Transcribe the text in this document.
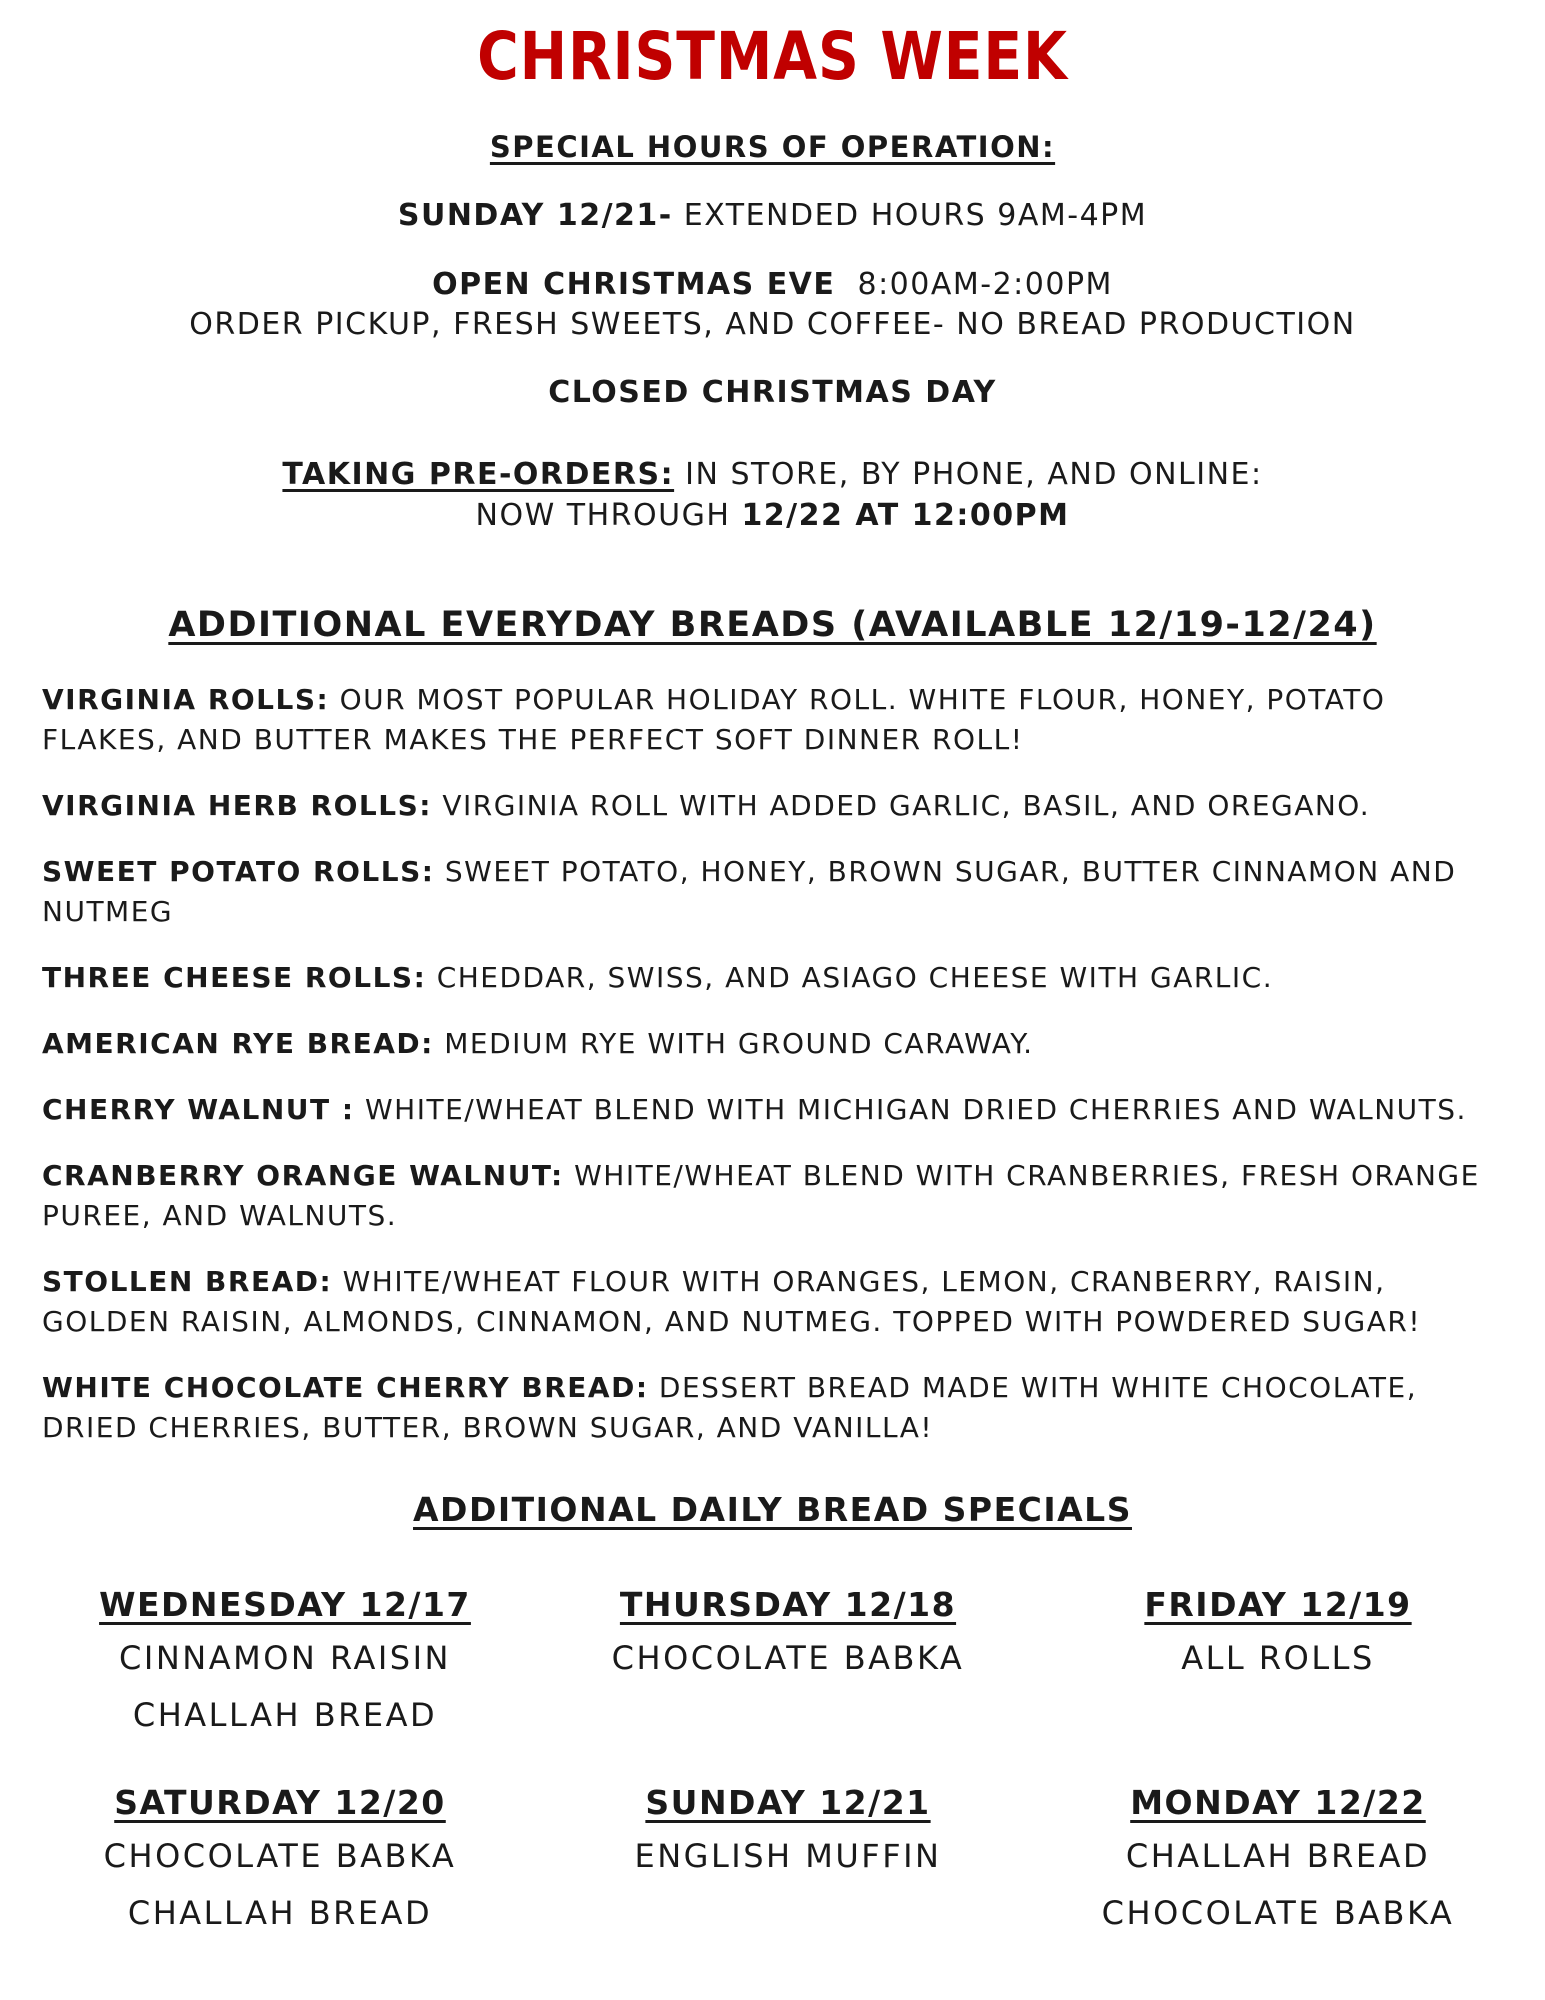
CHRISTMAS WEEK
SPECIAL HOURS OF OPERATION:
SUNDAY 12/21- EXTENDED HOURS 9AM-4PM
OPEN CHRISTMAS EVE  8:00AM-2:00PM
ORDER PICKUP, FRESH SWEETS, AND COFFEE- NO BREAD PRODUCTION
CLOSED CHRISTMAS DAY
TAKING PRE-ORDERS: IN STORE, BY PHONE, AND ONLINE:
NOW THROUGH 12/22 AT 12:00PM
ADDITIONAL EVERYDAY BREADS (AVAILABLE 12/19-12/24)
VIRGINIA ROLLS: OUR MOST POPULAR HOLIDAY ROLL. WHITE FLOUR, HONEY, POTATO FLAKES, AND BUTTER MAKES THE PERFECT SOFT DINNER ROLL!
VIRGINIA HERB ROLLS: VIRGINIA ROLL WITH ADDED GARLIC, BASIL, AND OREGANO.
SWEET POTATO ROLLS: SWEET POTATO, HONEY, BROWN SUGAR, BUTTER CINNAMON AND NUTMEG
THREE CHEESE ROLLS: CHEDDAR, SWISS, AND ASIAGO CHEESE WITH GARLIC.
AMERICAN RYE BREAD: MEDIUM RYE WITH GROUND CARAWAY.
CHERRY WALNUT : WHITE/WHEAT BLEND WITH MICHIGAN DRIED CHERRIES AND WALNUTS.
CRANBERRY ORANGE WALNUT: WHITE/WHEAT BLEND WITH CRANBERRIES, FRESH ORANGE PUREE, AND WALNUTS.
STOLLEN BREAD: WHITE/WHEAT FLOUR WITH ORANGES, LEMON, CRANBERRY, RAISIN, GOLDEN RAISIN, ALMONDS, CINNAMON, AND NUTMEG. TOPPED WITH POWDERED SUGAR!
WHITE CHOCOLATE CHERRY BREAD: DESSERT BREAD MADE WITH WHITE CHOCOLATE, DRIED CHERRIES, BUTTER, BROWN SUGAR, AND VANILLA!
ADDITIONAL DAILY BREAD SPECIALS
WEDNESDAY 12/17
CINNAMON RAISIN
CHALLAH BREAD
THURSDAY 12/18
CHOCOLATE BABKA
FRIDAY 12/19
ALL ROLLS
SATURDAY 12/20
CHOCOLATE BABKA
CHALLAH BREAD
SUNDAY 12/21
ENGLISH MUFFIN
MONDAY 12/22
CHALLAH BREAD
CHOCOLATE BABKA
